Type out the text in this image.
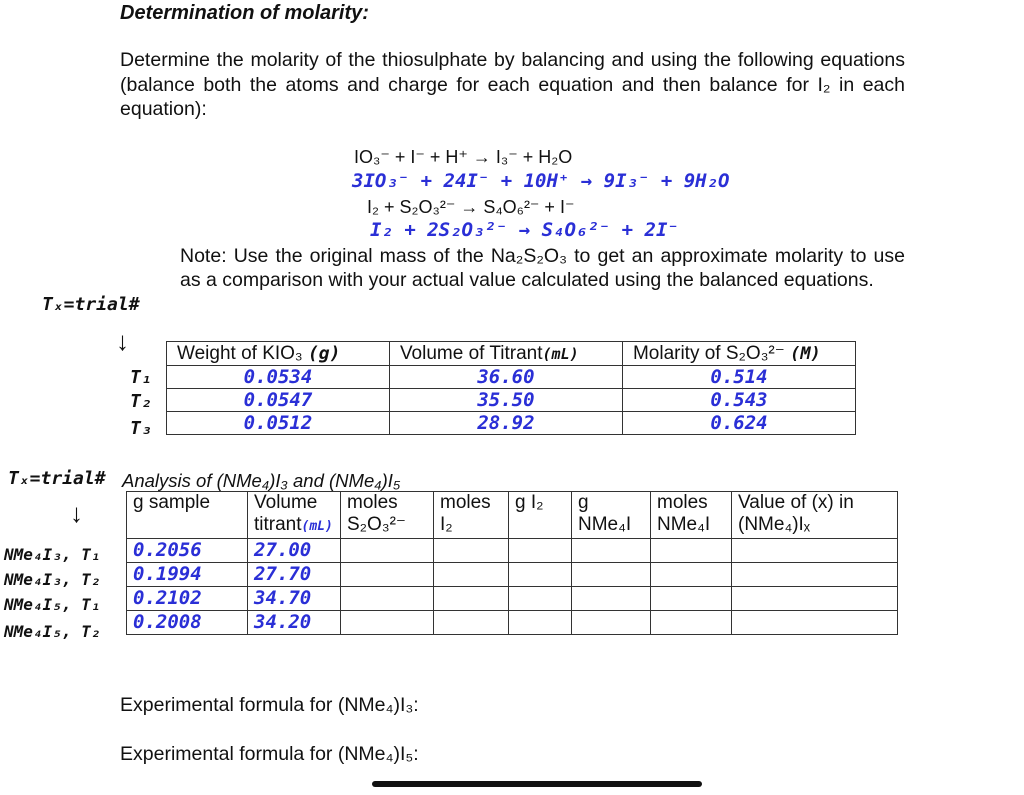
Determination of molarity:
Determine the molarity of the thiosulphate by balancing and using the following equations (balance both the atoms and charge for each equation and then balance for I₂ in each equation):
IO₃⁻ + I⁻ + H⁺ → I₃⁻ + H₂O
3IO₃⁻ + 24I⁻ + 10H⁺ → 9I₃⁻ + 9H₂O
I₂ + S₂O₃²⁻ → S₄O₆²⁻ + I⁻
I₂ + 2S₂O₃²⁻ → S₄O₆²⁻ + 2I⁻
Note: Use the original mass of the Na₂S₂O₃ to get an approximate molarity to use as a comparison with your actual value calculated using the balanced equations.
Tₓ=trial#
↓
T₁
T₂
T₃
Weight of KIO₃ (g)	Volume of Titrant(mL)	Molarity of S₂O₃²⁻ (M)
0.0534	36.60	0.514
0.0547	35.50	0.543
0.0512	28.92	0.624
Tₓ=trial# Analysis of (NMe₄)I₃ and (NMe₄)I₅
↓
NMe₄I₃, T₁
NMe₄I₃, T₂
NMe₄I₅, T₁
NMe₄I₅, T₂
g sample	Volume titrant(mL)	moles S₂O₃²⁻	moles I₂	g I₂	g NMe₄I	moles NMe₄I	Value of (x) in (NMe₄)Iₓ
0.2056	27.00						
0.1994	27.70						
0.2102	34.70						
0.2008	34.20						
Experimental formula for (NMe₄)I₃:
Experimental formula for (NMe₄)I₅:
